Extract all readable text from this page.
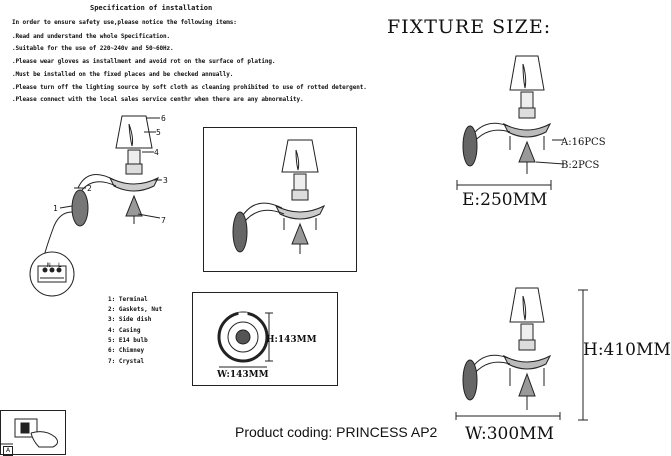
Specification of installation
In order to ensure safety use,please notice the following items:
.Read and understand the whole Specification.
.Suitable for the use of 220~240v and 50~60Hz.
.Please wear gloves as installment and avoid rot on the surface of plating.
.Must be installed on the fixed places and be checked annually.
.Please turn off the lighting source by soft cloth as cleaning prohibited to use of rotted detergent.
.Please connect with the local sales service centhr when there are any abnormality.
FIXTURE SIZE:
6
5
4
3
2
1
7
N L
1: Terminal
2: Gaskets, Nut
3: Side dish
4: Casing
5: E14 bulb
6: Chimney
7: Crystal
H:143MM
W:143MM
A:16PCS
B:2PCS
E:250MM
H:410MM
W:300MM
Product coding: PRINCESS AP2
A
